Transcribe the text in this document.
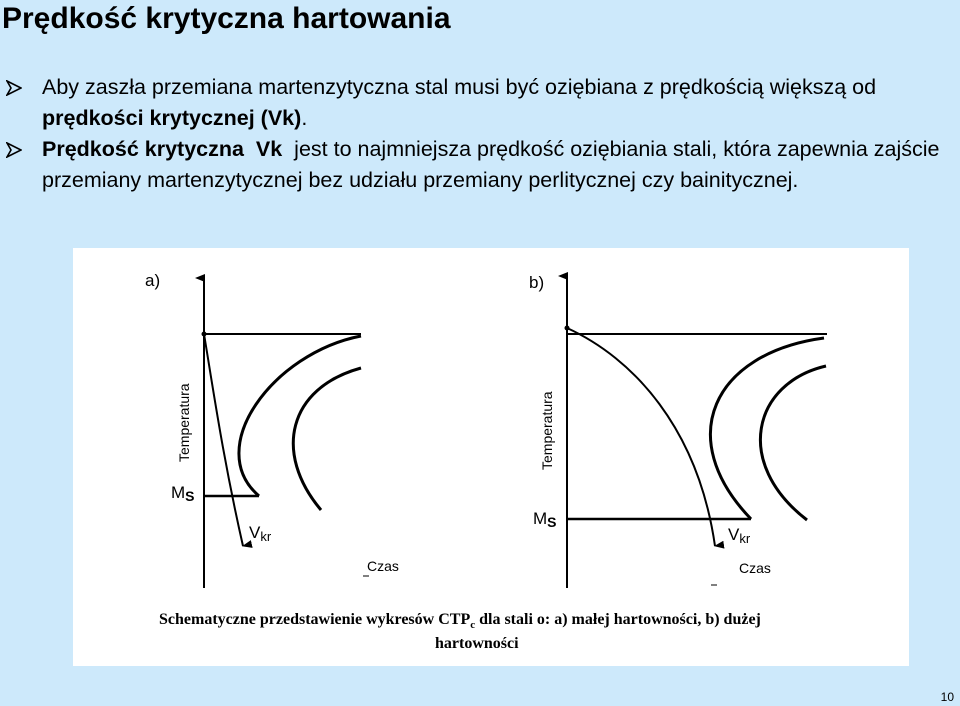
Prędkość krytyczna hartowania
Aby zaszła przemiana martenzytyczna stal musi być oziębiana z prędkością większą od prędkości krytycznej (Vk).
Prędkość krytyczna  Vk  jest to najmniejsza prędkość oziębiania stali, która zapewnia zajście przemiany martenzytycznej bez udziału przemiany perlitycznej czy bainitycznej.
a)
Temperatura
MS
Vkr
Czas
b)
Temperatura
MS
Vkr
Czas
Schematyczne przedstawienie wykresów $CTP_c$ dla stali o: a) małej hartowności, b) dużej
hartowności
10
